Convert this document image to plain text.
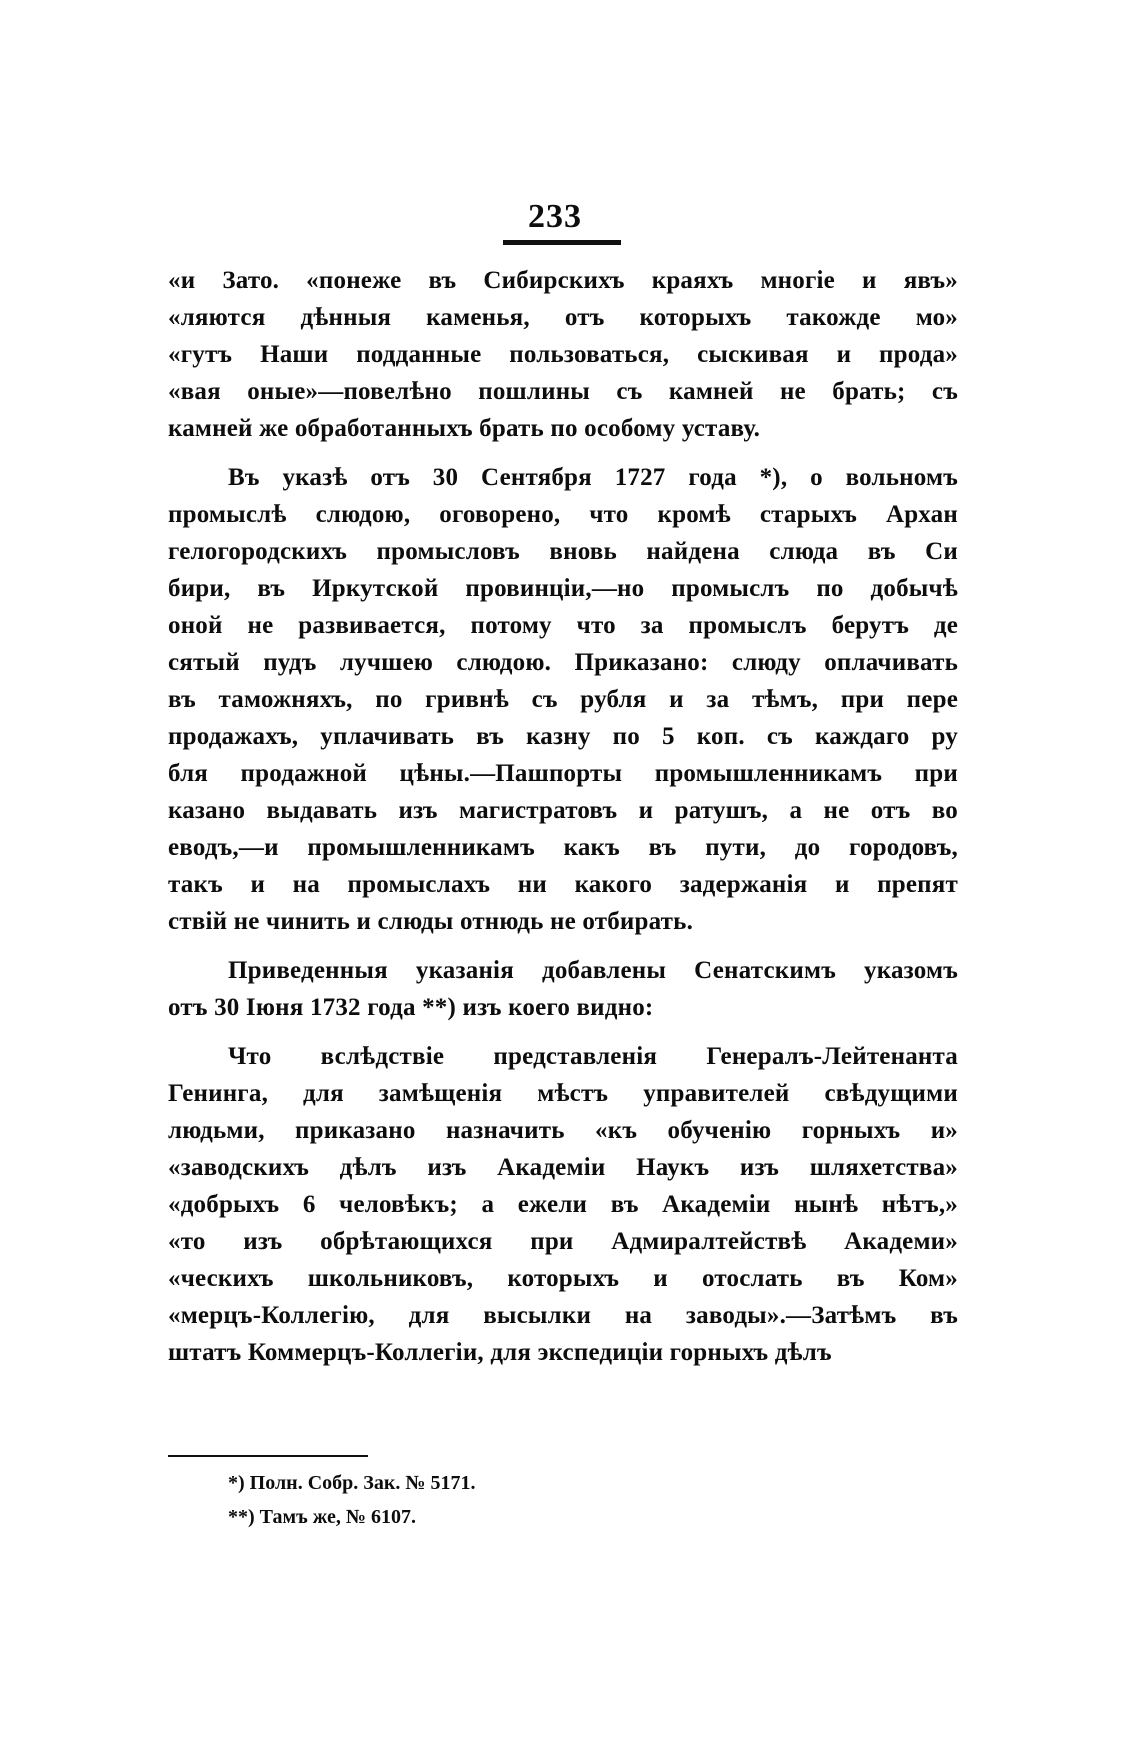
233
«и Зато. «понеже въ Сибирскихъ краяхъ многіе и явъ»
«ляются дѣнныя каменья, отъ которыхъ такожде мо»
«гутъ Наши подданные пользоваться, сыскивая и прода»
«вая оные»—повелѣно пошлины съ камней не брать; съ
камней же обработанныхъ брать по особому уставу.
Въ указѣ отъ 30 Сентября 1727 года *), о вольномъ
промыслѣ слюдою, оговорено, что кромѣ старыхъ Архан
гелогородскихъ промысловъ вновь найдена слюда въ Си
бири, въ Иркутской провинціи,—но промыслъ по добычѣ
оной не развивается, потому что за промыслъ берутъ де
сятый пудъ лучшею слюдою. Приказано: слюду оплачивать
въ таможняхъ, по гривнѣ съ рубля и за тѣмъ, при пере
продажахъ, уплачивать въ казну по 5 коп. съ каждаго ру
бля продажной цѣны.—Пашпорты промышленникамъ при
казано выдавать изъ магистратовъ и ратушъ, а не отъ во
еводъ,—и промышленникамъ какъ въ пути, до городовъ,
такъ и на промыслахъ ни какого задержанія и препят
ствій не чинить и слюды отнюдь не отбирать.
Приведенныя указанія добавлены Сенатскимъ указомъ
отъ 30 Іюня 1732 года **) изъ коего видно:
Что вслѣдствіе представленія Генералъ-Лейтенанта
Генинга, для замѣщенія мѣстъ управителей свѣдущими
людьми, приказано назначить «къ обученію горныхъ и»
«заводскихъ дѣлъ изъ Академіи Наукъ изъ шляхетства»
«добрыхъ 6 человѣкъ; а ежели въ Академіи нынѣ нѣтъ,»
«то изъ обрѣтающихся при Адмиралтействѣ Академи»
«ческихъ школьниковъ, которыхъ и отослать въ Ком»
«мерцъ-Коллегію, для высылки на заводы».—Затѣмъ въ
штатъ Коммерцъ-Коллегіи, для экспедиціи горныхъ дѣлъ
*) Полн. Собр. Зак. № 5171.
**) Тамъ же, № 6107.
